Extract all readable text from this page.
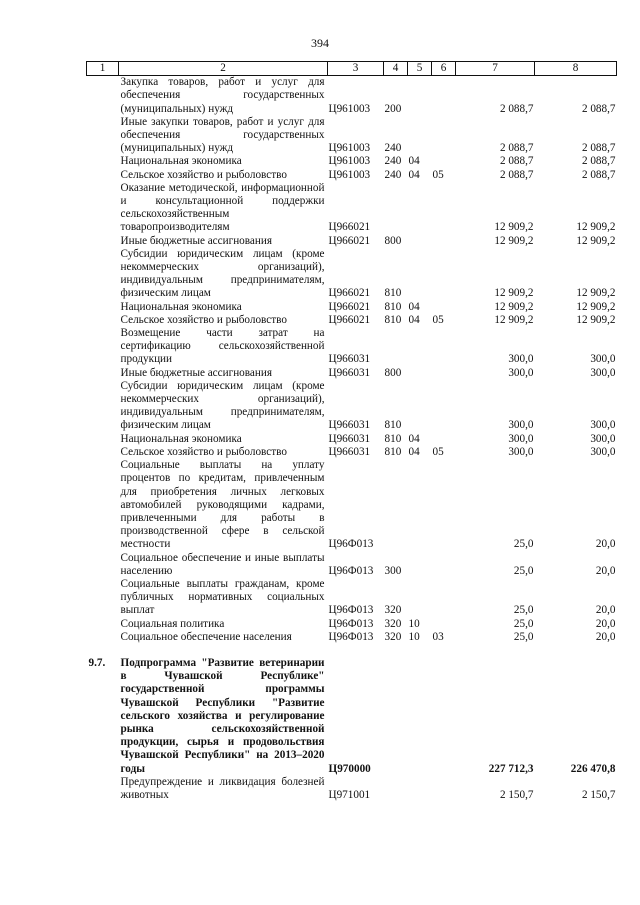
394
1	2	3	4	5	6	7	8
	Закупка товаров, работ и услуг для обеспечения государственных (муниципальных) нужд	Ц961003	200			2 088,7	2 088,7
	Иные закупки товаров, работ и услуг для обеспечения государственных (муниципальных) нужд	Ц961003	240			2 088,7	2 088,7
	Национальная экономика	Ц961003	240	04		2 088,7	2 088,7
	Сельское хозяйство и рыболовство	Ц961003	240	04	05	2 088,7	2 088,7
	Оказание методической, информационной и консультационной поддержки сельскохозяйственным товаропроизводителям	Ц966021				12 909,2	12 909,2
	Иные бюджетные ассигнования	Ц966021	800			12 909,2	12 909,2
	Субсидии юридическим лицам (кроме некоммерческих организаций), индивидуальным предпринимателям, физическим лицам	Ц966021	810			12 909,2	12 909,2
	Национальная экономика	Ц966021	810	04		12 909,2	12 909,2
	Сельское хозяйство и рыболовство	Ц966021	810	04	05	12 909,2	12 909,2
	Возмещение части затрат на сертификацию сельскохозяйственной продукции	Ц966031				300,0	300,0
	Иные бюджетные ассигнования	Ц966031	800			300,0	300,0
	Субсидии юридическим лицам (кроме некоммерческих организаций), индивидуальным предпринимателям, физическим лицам	Ц966031	810			300,0	300,0
	Национальная экономика	Ц966031	810	04		300,0	300,0
	Сельское хозяйство и рыболовство	Ц966031	810	04	05	300,0	300,0
	Социальные выплаты на уплату процентов по кредитам, привлеченным для приобретения личных легковых автомобилей руководящими кадрами, привлеченными для работы в производственной сфере в сельской местности	Ц96Ф013				25,0	20,0
	Социальное обеспечение и иные выплаты населению	Ц96Ф013	300			25,0	20,0
	Социальные выплаты гражданам, кроме публичных нормативных социальных выплат	Ц96Ф013	320			25,0	20,0
	Социальная политика	Ц96Ф013	320	10		25,0	20,0
	Социальное обеспечение населения	Ц96Ф013	320	10	03	25,0	20,0

9.7.	Подпрограмма "Развитие ветеринарии в Чувашской Республике" государственной программы Чувашской Республики "Развитие сельского хозяйства и регулирование рынка сельскохозяйственной продукции, сырья и продовольствия Чувашской Республики" на 2013–2020 годы	Ц970000				227 712,3	226 470,8
	Предупреждение и ликвидация болезней животных	Ц971001				2 150,7	2 150,7
